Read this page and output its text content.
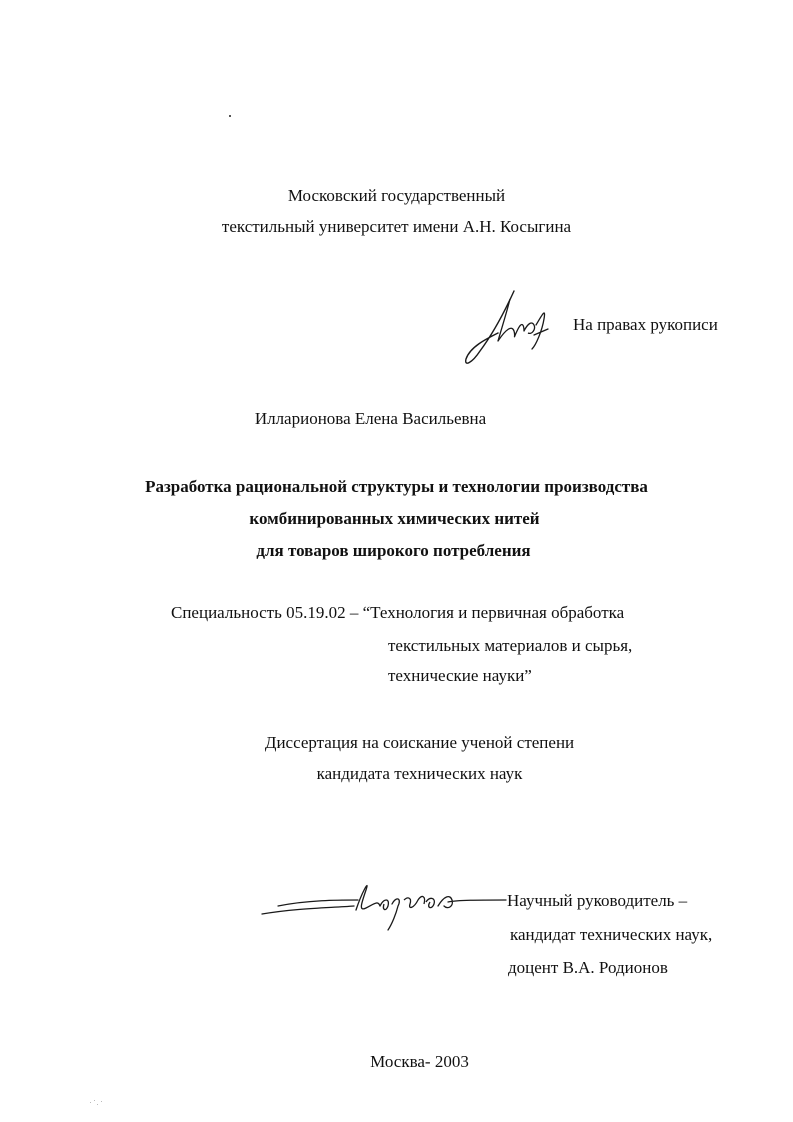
Московский государственный
текстильный университет имени А.Н. Косыгина
На правах рукописи
Илларионова Елена Васильевна
Разработка рациональной структуры и технологии производства
комбинированных химических нитей
для товаров широкого потребления
Специальность 05.19.02 – “Технология и первичная обработка
текстильных материалов и сырья,
технические науки”
Диссертация на соискание ученой степени
кандидата технических наук
Научный руководитель –
кандидат технических наук,
доцент В.А. Родионов
Москва- 2003
